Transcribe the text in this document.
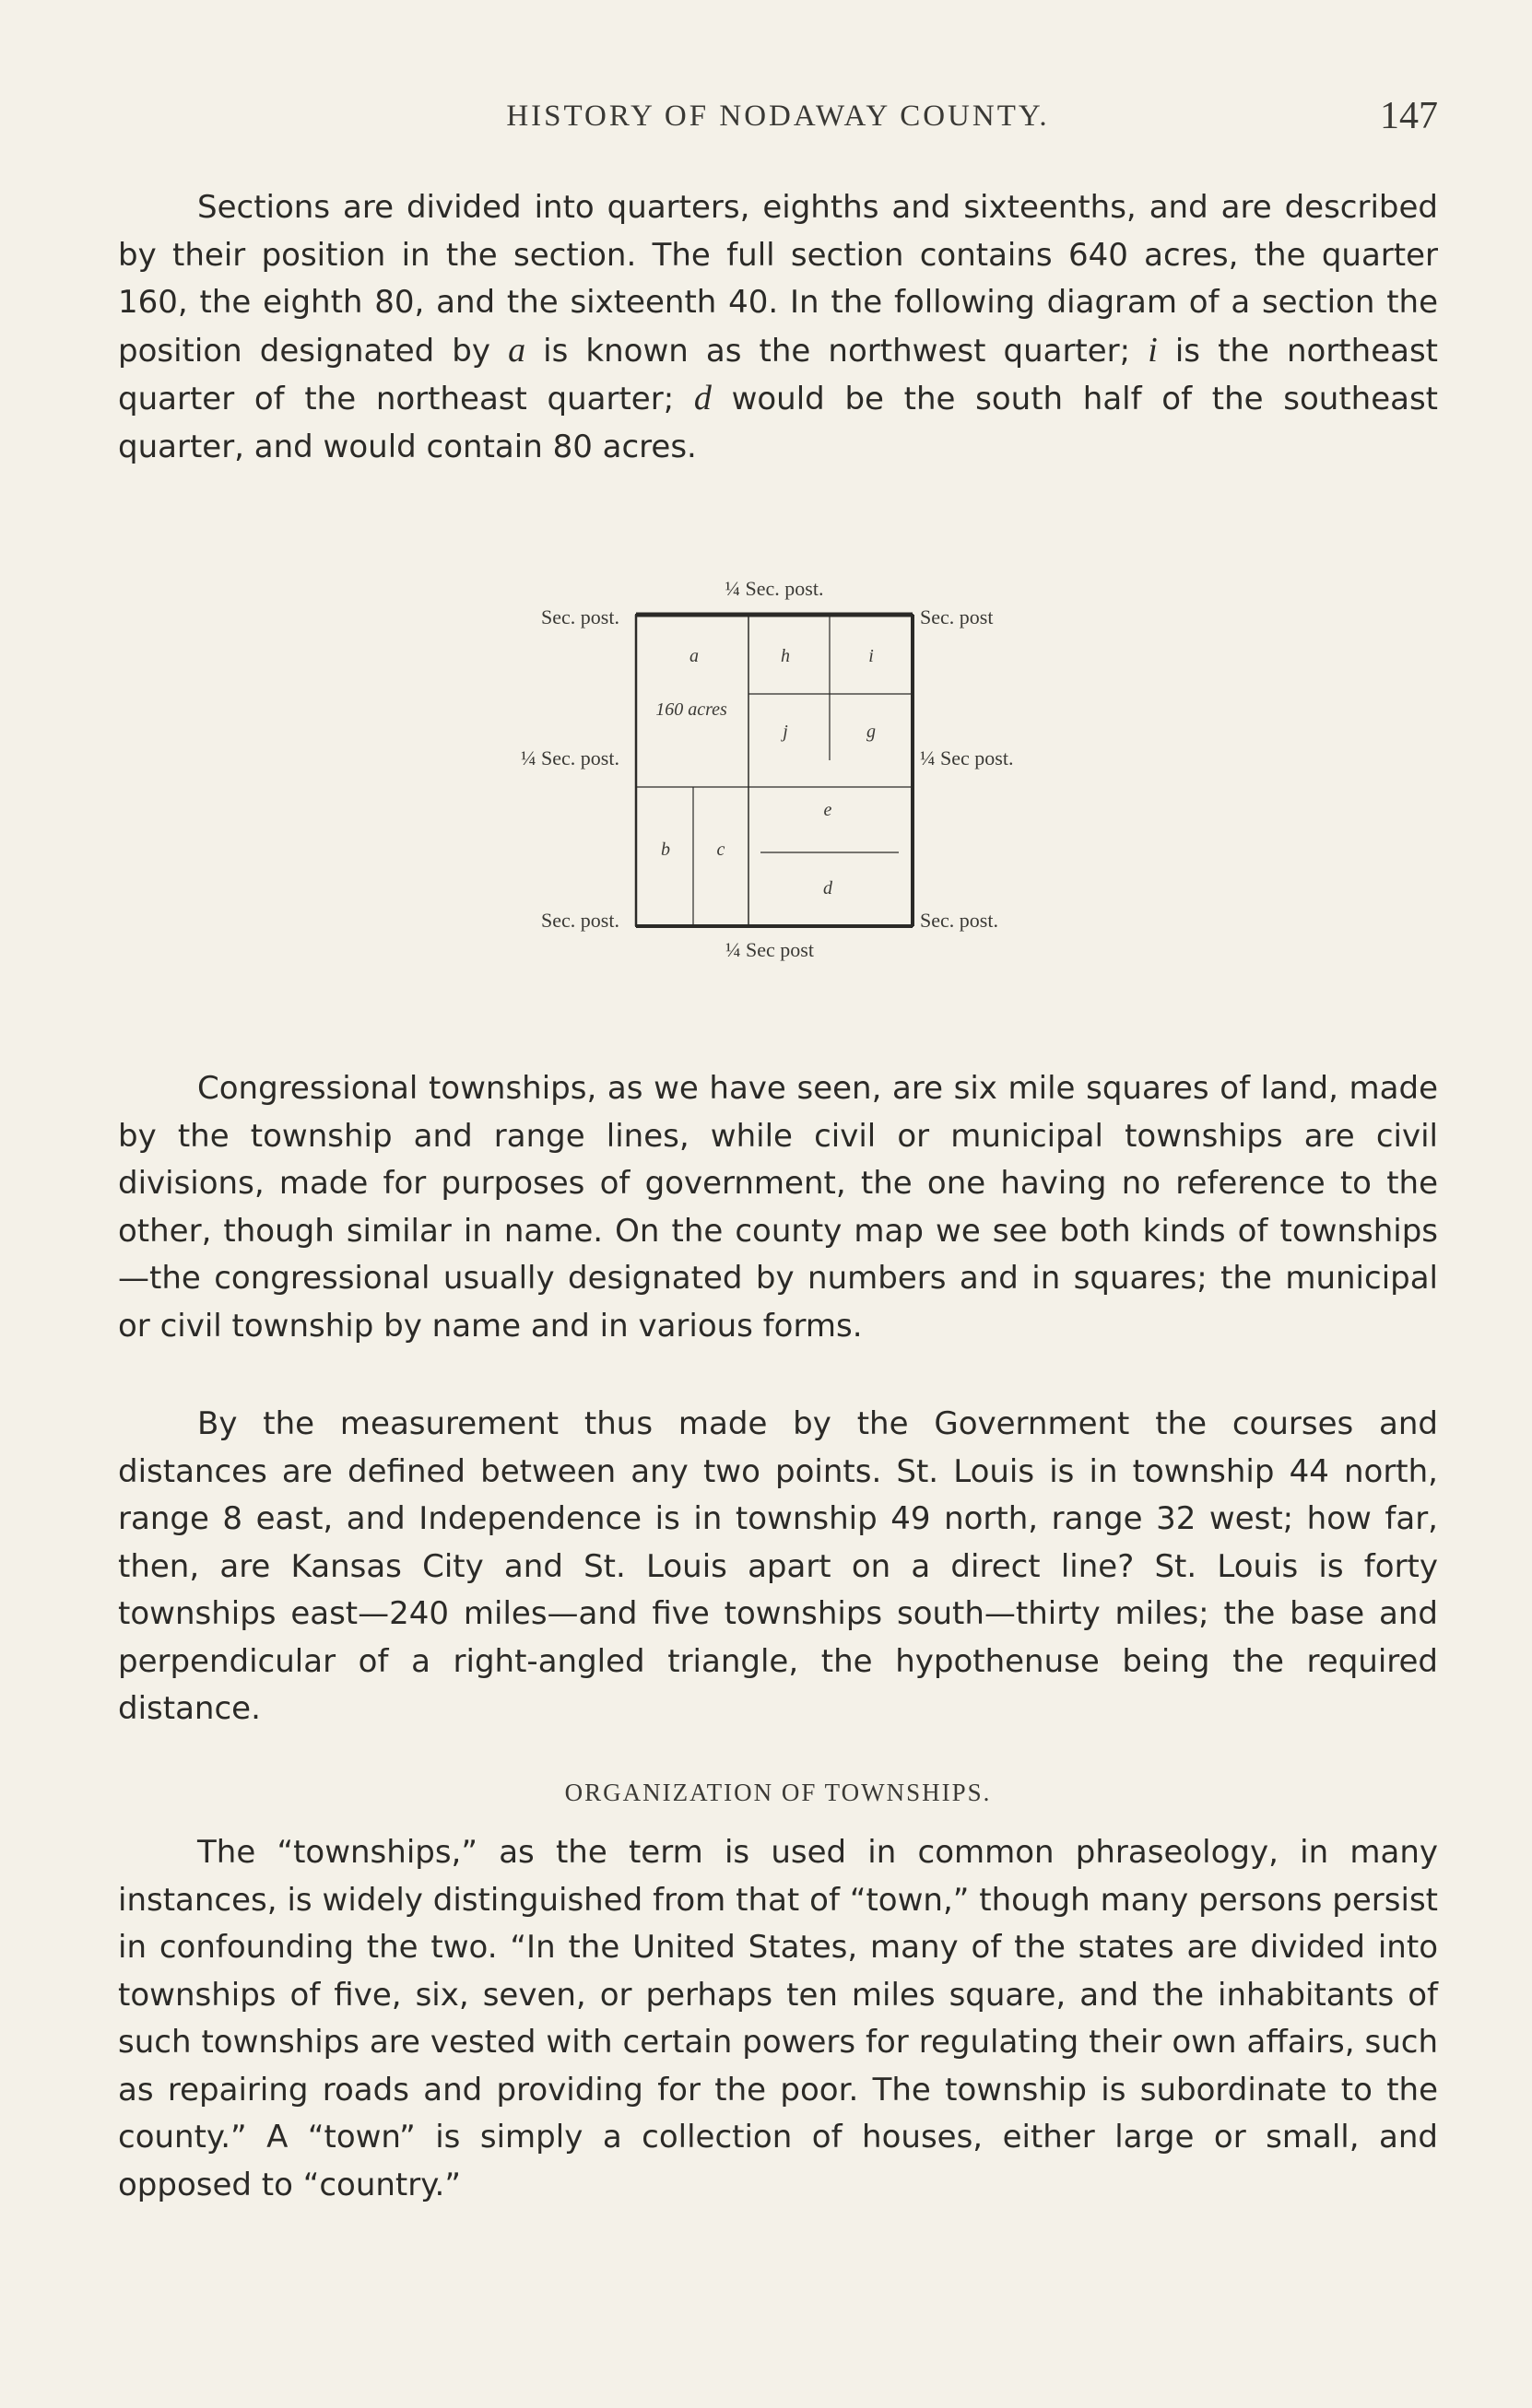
HISTORY OF NODAWAY COUNTY.	147

Sections are divided into quarters, eighths and sixteenths, and are described by their position in the section. The full section contains 640 acres, the quarter 160, the eighth 80, and the sixteenth 40. In the following diagram of a section the position designated by a is known as the northwest quarter; i is the northeast quarter of the northeast quarter; d would be the south half of the southeast quarter, and would contain 80 acres.

¼ Sec. post.
¼ Sec post
Sec. post.
¼ Sec. post.
Sec. post.
Sec. post
¼ Sec post.
Sec. post.
a
160 acres
h	i
j	g
e
b	c
d

Congressional townships, as we have seen, are six mile squares of land, made by the township and range lines, while civil or municipal townships are civil divisions, made for purposes of government, the one having no reference to the other, though similar in name. On the county map we see both kinds of townships—the congressional usually designated by numbers and in squares; the municipal or civil township by name and in various forms.

By the measurement thus made by the Government the courses and distances are defined between any two points. St. Louis is in township 44 north, range 8 east, and Independence is in township 49 north, range 32 west; how far, then, are Kansas City and St. Louis apart on a direct line? St. Louis is forty townships east—240 miles—and five townships south—thirty miles; the base and perpendicular of a right-angled triangle, the hypothenuse being the required distance.

ORGANIZATION OF TOWNSHIPS.

The “townships,” as the term is used in common phraseology, in many instances, is widely distinguished from that of “town,” though many persons persist in confounding the two. “In the United States, many of the states are divided into townships of five, six, seven, or perhaps ten miles square, and the inhabitants of such townships are vested with certain powers for regulating their own affairs, such as repairing roads and providing for the poor. The township is subordinate to the county.” A “town” is simply a collection of houses, either large or small, and opposed to “country.”
